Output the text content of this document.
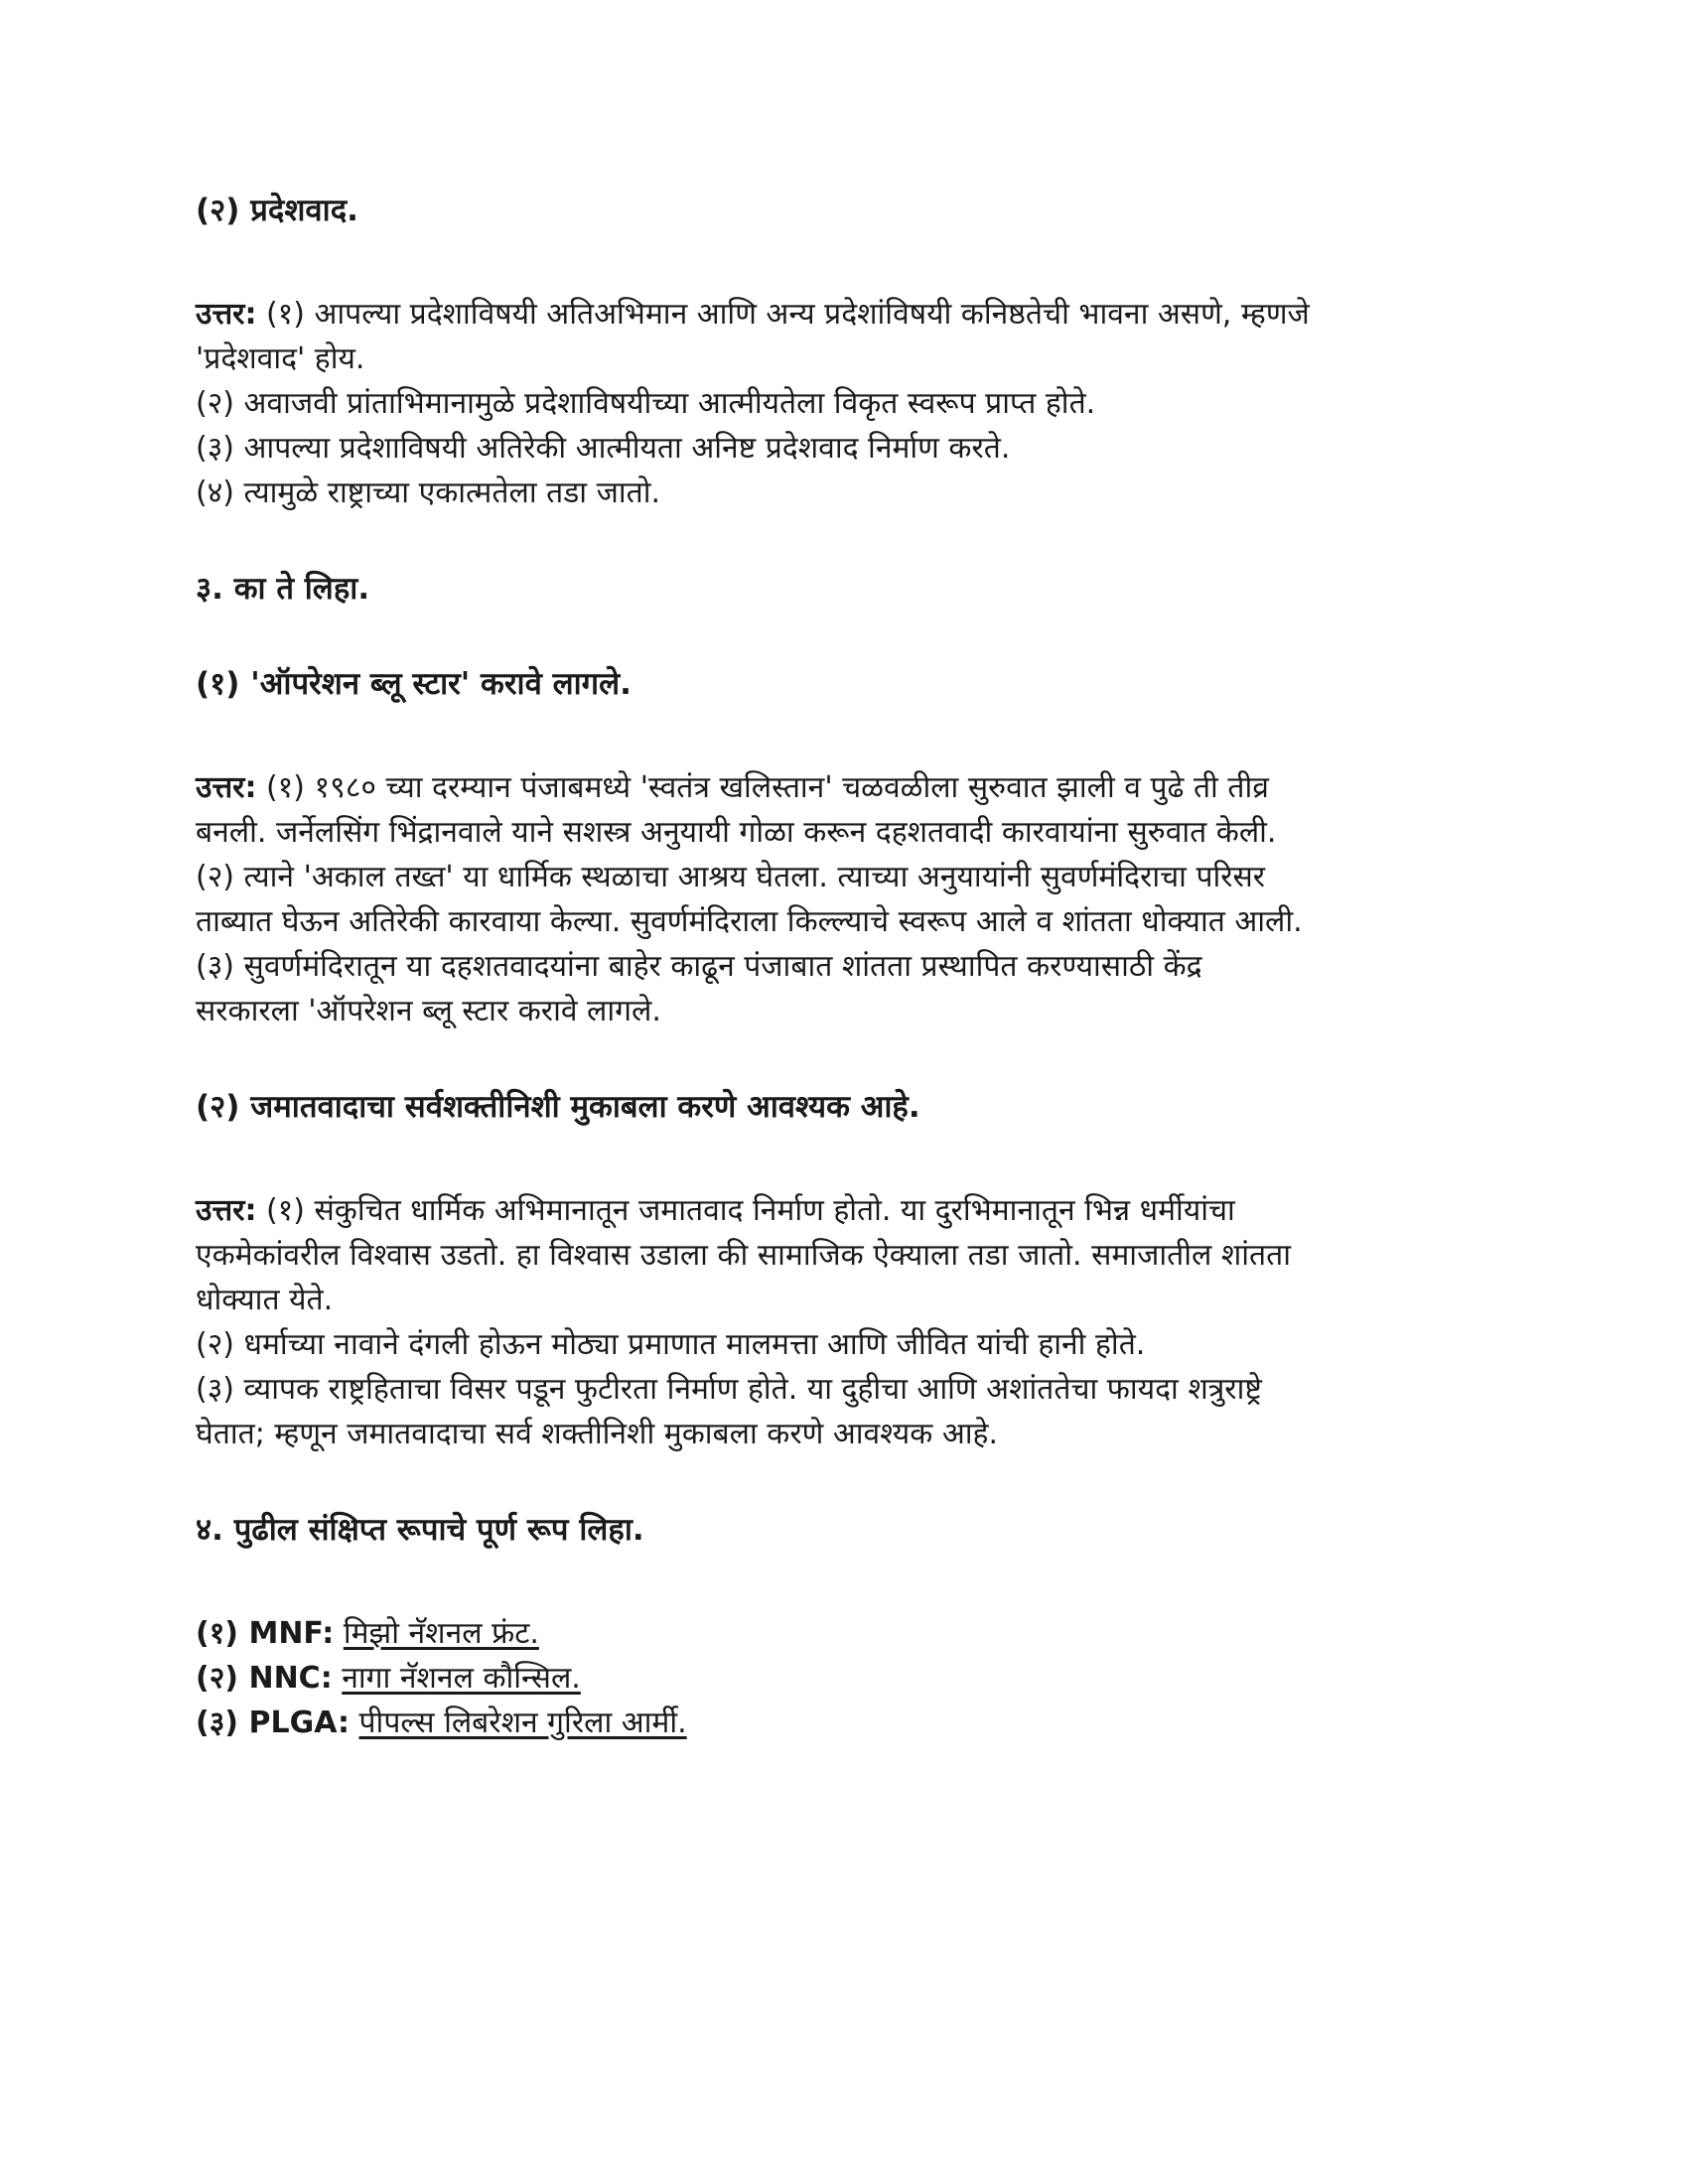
(२) प्रदेशवाद.

उत्तर: (१) आपल्या प्रदेशाविषयी अतिअभिमान आणि अन्य प्रदेशांविषयी कनिष्ठतेची भावना असणे, म्हणजे
'प्रदेशवाद' होय.
(२) अवाजवी प्रांताभिमानामुळे प्रदेशाविषयीच्या आत्मीयतेला विकृत स्वरूप प्राप्त होते.
(३) आपल्या प्रदेशाविषयी अतिरेकी आत्मीयता अनिष्ट प्रदेशवाद निर्माण करते.
(४) त्यामुळे राष्ट्राच्या एकात्मतेला तडा जातो.

३. का ते लिहा.

(१) 'ऑपरेशन ब्लू स्टार' करावे लागले.

उत्तर: (१) १९८० च्या दरम्यान पंजाबमध्ये 'स्वतंत्र खलिस्तान' चळवळीला सुरुवात झाली व पुढे ती तीव्र
बनली. जर्नेलसिंग भिंद्रानवाले याने सशस्त्र अनुयायी गोळा करून दहशतवादी कारवायांना सुरुवात केली.
(२) त्याने 'अकाल तख्त' या धार्मिक स्थळाचा आश्रय घेतला. त्याच्या अनुयायांनी सुवर्णमंदिराचा परिसर
ताब्यात घेऊन अतिरेकी कारवाया केल्या. सुवर्णमंदिराला किल्ल्याचे स्वरूप आले व शांतता धोक्यात आली.
(३) सुवर्णमंदिरातून या दहशतवादयांना बाहेर काढून पंजाबात शांतता प्रस्थापित करण्यासाठी केंद्र
सरकारला 'ऑपरेशन ब्लू स्टार करावे लागले.

(२) जमातवादाचा सर्वशक्तीनिशी मुकाबला करणे आवश्यक आहे.

उत्तर: (१) संकुचित धार्मिक अभिमानातून जमातवाद निर्माण होतो. या दुरभिमानातून भिन्न धर्मीयांचा
एकमेकांवरील विश्वास उडतो. हा विश्वास उडाला की सामाजिक ऐक्याला तडा जातो. समाजातील शांतता
धोक्यात येते.
(२) धर्माच्या नावाने दंगली होऊन मोठ्या प्रमाणात मालमत्ता आणि जीवित यांची हानी होते.
(३) व्यापक राष्ट्रहिताचा विसर पडून फुटीरता निर्माण होते. या दुहीचा आणि अशांततेचा फायदा शत्रुराष्ट्रे
घेतात; म्हणून जमातवादाचा सर्व शक्तीनिशी मुकाबला करणे आवश्यक आहे.

४. पुढील संक्षिप्त रूपाचे पूर्ण रूप लिहा.

(१) MNF: मिझो नॅशनल फ्रंट.
(२) NNC: नागा नॅशनल कौन्सिल.
(३) PLGA: पीपल्स लिबरेशन गुरिला आर्मी.
